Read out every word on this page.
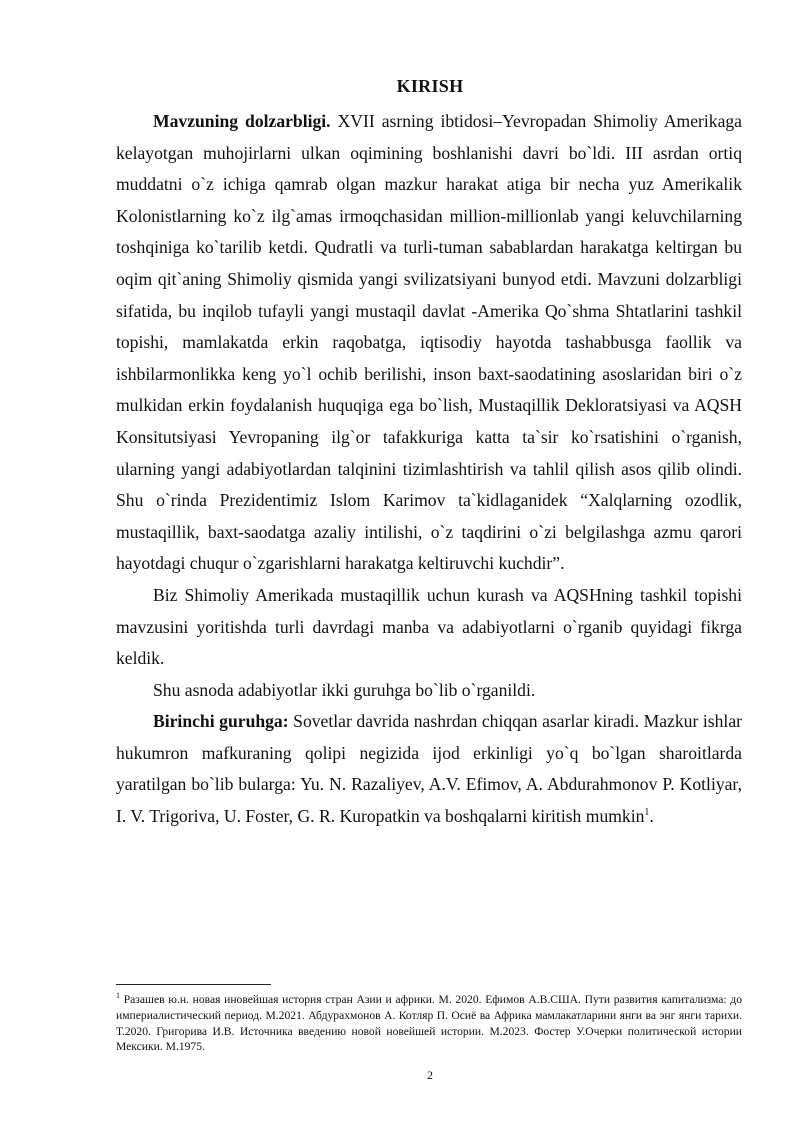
KIRISH

Mavzuning dolzarbligi. XVII asrning ibtidosi–Yevropadan Shimoliy Amerikaga kelayotgan muhojirlarni ulkan oqimining boshlanishi davri bo`ldi. III asrdan ortiq muddatni o`z ichiga qamrab olgan mazkur harakat atiga bir necha yuz Amerikalik Kolonistlarning ko`z ilg`amas irmoqchasidan million-millionlab yangi keluvchilarning toshqiniga ko`tarilib ketdi. Qudratli va turli-tuman sabablardan harakatga keltirgan bu oqim qit`aning Shimoliy qismida yangi svilizatsiyani bunyod etdi. Mavzuni dolzarbligi sifatida, bu inqilob tufayli yangi mustaqil davlat -Amerika Qo`shma Shtatlarini tashkil topishi, mamlakatda erkin raqobatga, iqtisodiy hayotda tashabbusga faollik va ishbilarmonlikka keng yo`l ochib berilishi, inson baxt-saodatining asoslaridan biri o`z mulkidan erkin foydalanish huquqiga ega bo`lish, Mustaqillik Dekloratsiyasi va AQSH Konsitutsiyasi Yevropaning ilg`or tafakkuriga katta ta`sir ko`rsatishini o`rganish, ularning yangi adabiyotlardan talqinini tizimlashtirish va tahlil qilish asos qilib olindi. Shu o`rinda Prezidentimiz Islom Karimov ta`kidlaganidek “Xalqlarning ozodlik, mustaqillik, baxt-saodatga azaliy intilishi, o`z taqdirini o`zi belgilashga azmu qarori hayotdagi chuqur o`zgarishlarni harakatga keltiruvchi kuchdir”.

Biz Shimoliy Amerikada mustaqillik uchun kurash va AQSHning tashkil topishi mavzusini yoritishda turli davrdagi manba va adabiyotlarni o`rganib quyidagi fikrga keldik.

Shu asnoda adabiyotlar ikki guruhga bo`lib o`rganildi.

Birinchi guruhga: Sovetlar davrida nashrdan chiqqan asarlar kiradi. Mazkur ishlar hukumron mafkuraning qolipi negizida ijod erkinligi yo`q bo`lgan sharoitlarda yaratilgan bo`lib bularga: Yu. N. Razaliyev, A.V. Efimov, A. Abdurahmonov P. Kotliyar, I. V. Trigoriva, U. Foster, G. R. Kuropatkin va boshqalarni kiritish mumkin$^1$.

$^1$ Разашев ю.н. новая иновейшая история стран Азии и африки. М. 2020. Ефимов А.В.США. Пути развития капитализма: до империалистический период. М.2021. Абдурахмонов А. Котляр П. Осиё ва Африка мамлакатларини янги ва энг янги тарихи. Т.2020. Григорива И.В. Источника введению новой новейшей истории. М.2023. Фостер У.Очерки политической истории Мексики. М.1975.
2
